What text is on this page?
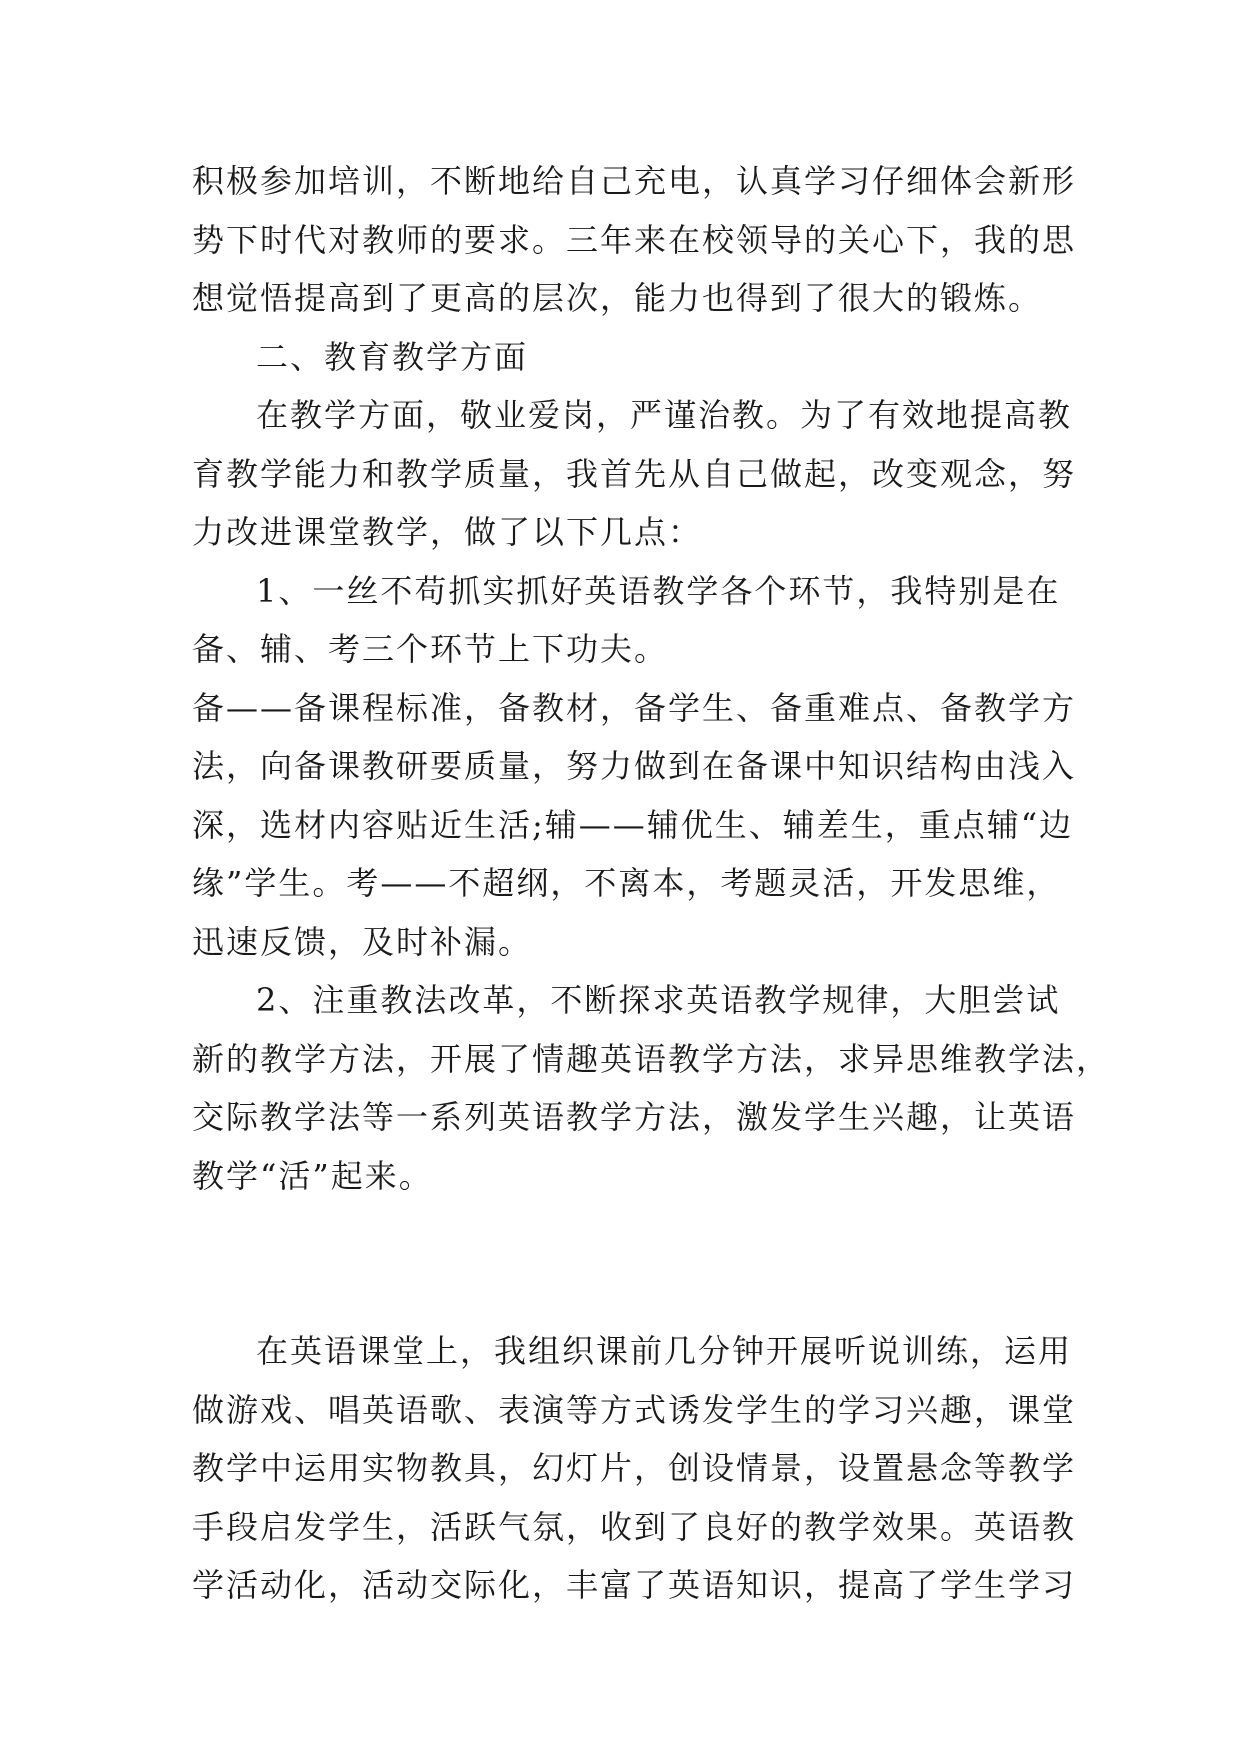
积极参加培训，不断地给自己充电，认真学习仔细体会新形
势下时代对教师的要求。三年来在校领导的关心下，我的思
想觉悟提高到了更高的层次，能力也得到了很大的锻炼。
二、教育教学方面
在教学方面，敬业爱岗，严谨治教。为了有效地提高教
育教学能力和教学质量，我首先从自己做起，改变观念，努
力改进课堂教学，做了以下几点：
1、一丝不苟抓实抓好英语教学各个环节，我特别是在
备、辅、考三个环节上下功夫。
备——备课程标准，备教材，备学生、备重难点、备教学方
法，向备课教研要质量，努力做到在备课中知识结构由浅入
深，选材内容贴近生活;辅——辅优生、辅差生，重点辅“边
缘”学生。考——不超纲，不离本，考题灵活，开发思维，
迅速反馈，及时补漏。
2、注重教法改革，不断探求英语教学规律，大胆尝试
新的教学方法，开展了情趣英语教学方法，求异思维教学法，
交际教学法等一系列英语教学方法，激发学生兴趣，让英语
教学“活”起来。
在英语课堂上，我组织课前几分钟开展听说训练，运用
做游戏、唱英语歌、表演等方式诱发学生的学习兴趣，课堂
教学中运用实物教具，幻灯片，创设情景，设置悬念等教学
手段启发学生，活跃气氛，收到了良好的教学效果。英语教
学活动化，活动交际化，丰富了英语知识，提高了学生学习
